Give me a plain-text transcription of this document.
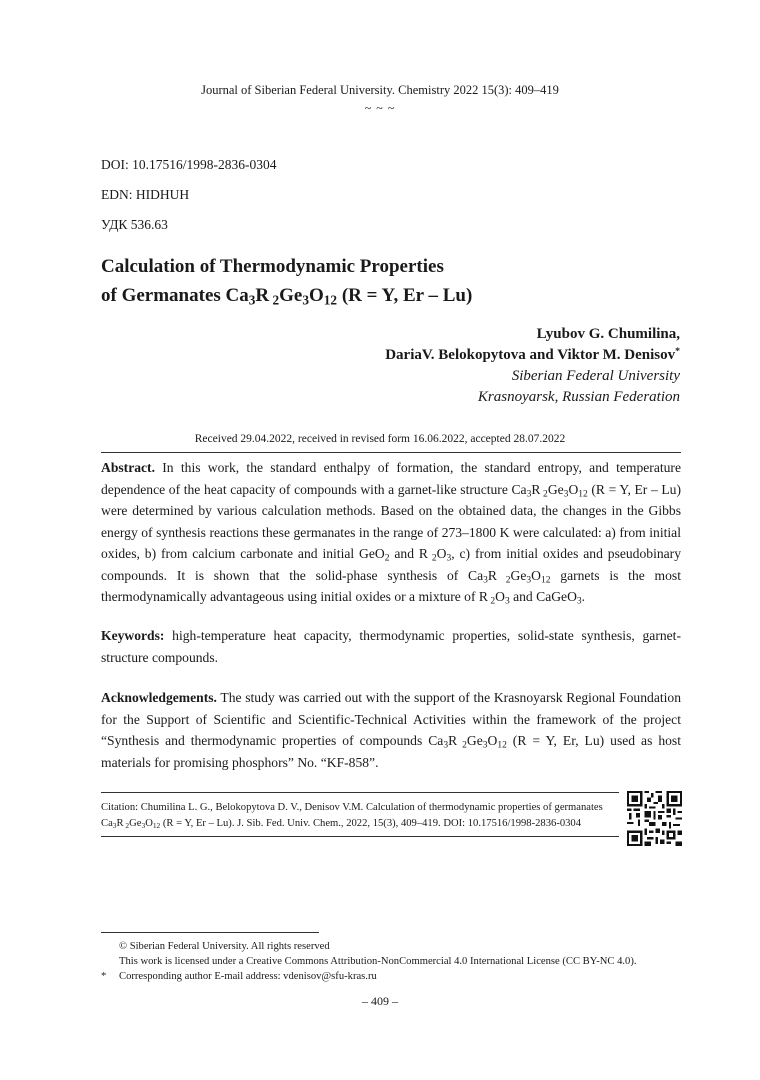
Journal of Siberian Federal University. Chemistry 2022 15(3): 409–419
~ ~ ~
DOI: 10.17516/1998-2836-0304
EDN: HIDHUH
УДК 536.63
Calculation of Thermodynamic Properties
of Germanates $Ca_3R$ $_2Ge_3O_{12}$ (R = Y, Er – Lu)
Lyubov G. Chumilina,
DariaV. Belokopytova and Viktor M. Denisov*
Siberian Federal University
Krasnoyarsk, Russian Federation
Received 29.04.2022, received in revised form 16.06.2022, accepted 28.07.2022
Abstract. In this work, the standard enthalpy of formation, the standard entropy, and temperature dependence of the heat capacity of compounds with a garnet-like structure $Ca_3R$ $_2Ge_3O_{12}$ (R = Y, Er – Lu) were determined by various calculation methods. Based on the obtained data, the changes in the Gibbs energy of synthesis reactions these germanates in the range of 273–1800 K were calculated: a) from initial oxides, b) from calcium carbonate and initial GeO$_2$ and R $_2O_3$, c) from initial oxides and pseudobinary compounds. It is shown that the solid-phase synthesis of $Ca_3R$ $_2Ge_3O_{12}$ garnets is the most thermodynamically advantageous using initial oxides or a mixture of R $_2O_3$ and CaGeO$_3$.
Keywords: high-temperature heat capacity, thermodynamic properties, solid-state synthesis, garnet-structure compounds.
Acknowledgements. The study was carried out with the support of the Krasnoyarsk Regional Foundation for the Support of Scientific and Scientific-Technical Activities within the framework of the project “Synthesis and thermodynamic properties of compounds $Ca_3R$ $_2Ge_3O_{12}$ (R = Y, Er, Lu) used as host materials for promising phosphors” No. “KF-858”.
Citation: Chumilina L. G., Belokopytova D. V., Denisov V.M. Calculation of thermodynamic properties of germanates $Ca_3R$ $_2Ge_3O_{12}$ (R = Y, Er – Lu). J. Sib. Fed. Univ. Chem., 2022, 15(3), 409–419. DOI: 10.17516/1998-2836-0304
© Siberian Federal University. All rights reserved
This work is licensed under a Creative Commons Attribution-NonCommercial 4.0 International License (CC BY-NC 4.0).
* Corresponding author E-mail address: vdenisov@sfu-kras.ru
– 409 –
